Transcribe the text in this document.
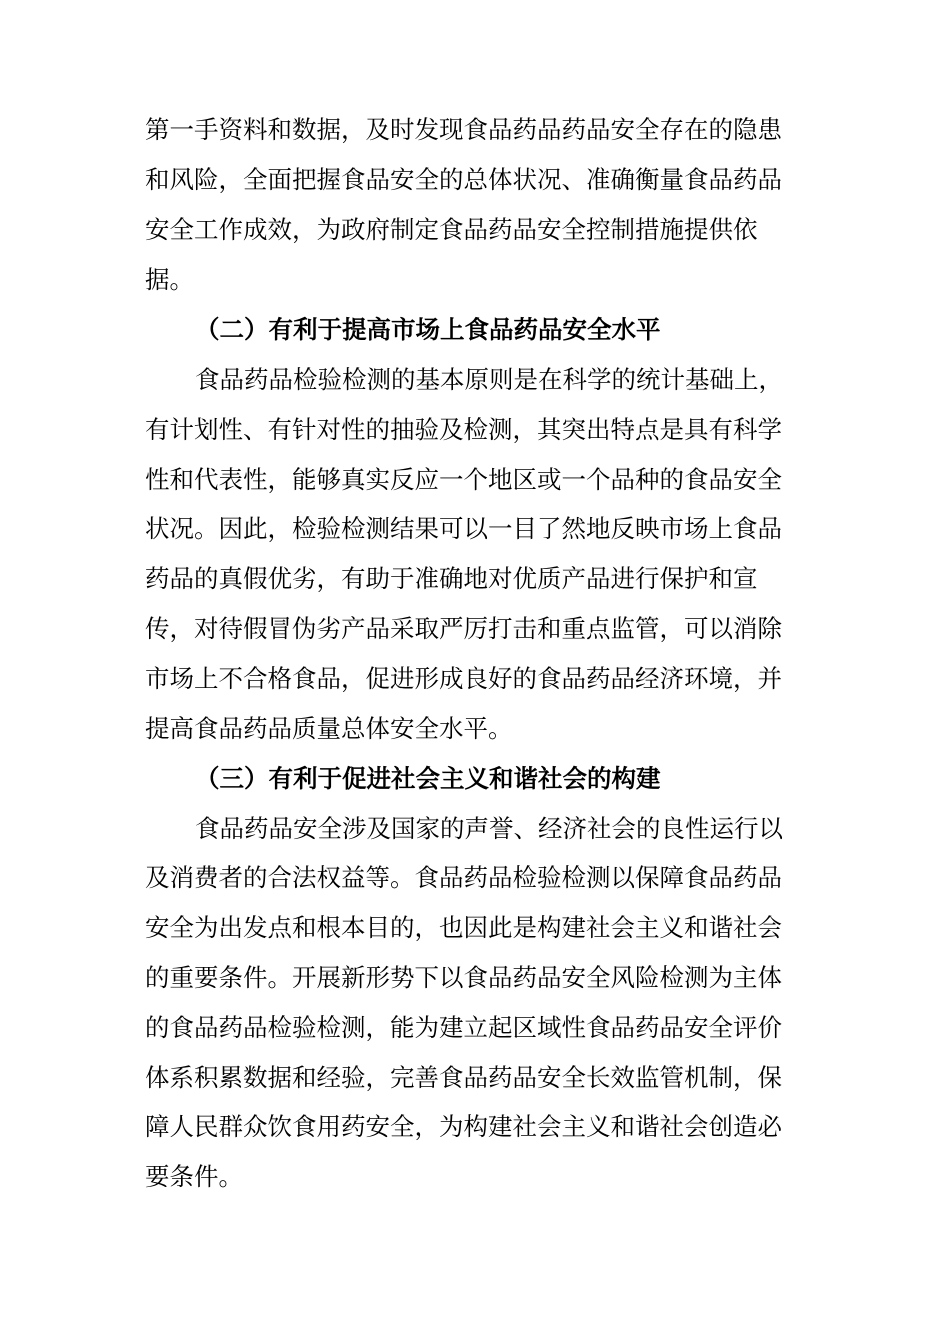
第一手资料和数据，及时发现食品药品药品安全存在的隐患
和风险，全面把握食品安全的总体状况、准确衡量食品药品
安全工作成效，为政府制定食品药品安全控制措施提供依
据。
（二）有利于提高市场上食品药品安全水平
食品药品检验检测的基本原则是在科学的统计基础上，
有计划性、有针对性的抽验及检测，其突出特点是具有科学
性和代表性，能够真实反应一个地区或一个品种的食品安全
状况。因此，检验检测结果可以一目了然地反映市场上食品
药品的真假优劣，有助于准确地对优质产品进行保护和宣
传，对待假冒伪劣产品采取严厉打击和重点监管，可以消除
市场上不合格食品，促进形成良好的食品药品经济环境，并
提高食品药品质量总体安全水平。
（三）有利于促进社会主义和谐社会的构建
食品药品安全涉及国家的声誉、经济社会的良性运行以
及消费者的合法权益等。食品药品检验检测以保障食品药品
安全为出发点和根本目的，也因此是构建社会主义和谐社会
的重要条件。开展新形势下以食品药品安全风险检测为主体
的食品药品检验检测，能为建立起区域性食品药品安全评价
体系积累数据和经验，完善食品药品安全长效监管机制，保
障人民群众饮食用药安全，为构建社会主义和谐社会创造必
要条件。
